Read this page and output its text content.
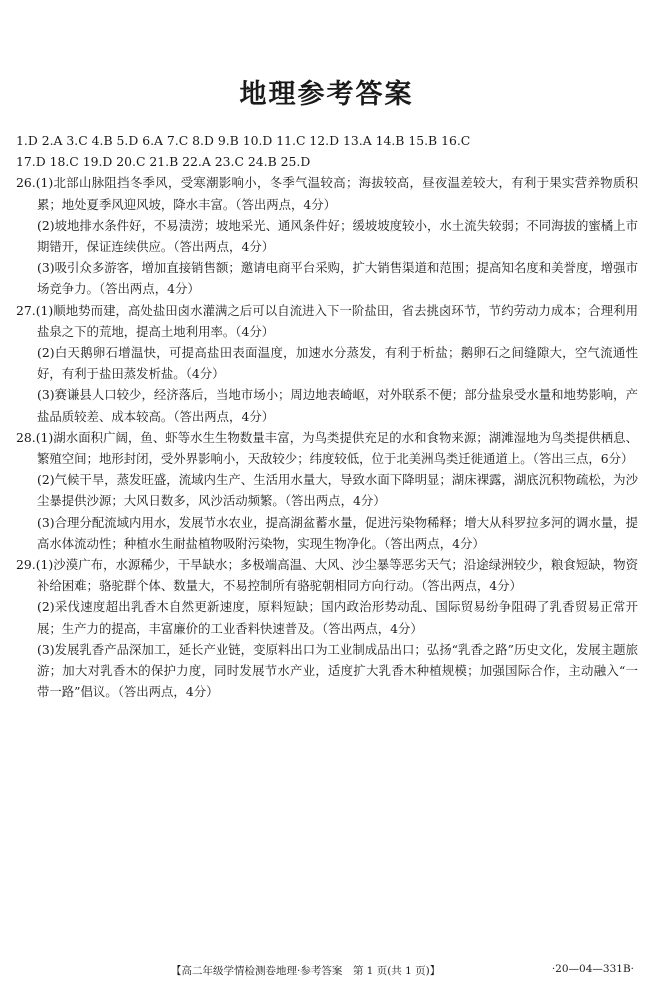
地理参考答案

1.D 2.A 3.C 4.B 5.D 6.A 7.C 8.D 9.B 10.D 11.C 12.D 13.A 14.B 15.B 16.C

17.D 18.C 19.D 20.C 21.B 22.A 23.C 24.B 25.D

26.(1)北部山脉阻挡冬季风，受寒潮影响小，冬季气温较高；海拔较高，昼夜温差较大，有利于果实营养物质积累；地处夏季风迎风坡，降水丰富。（答出两点，4分）

(2)坡地排水条件好，不易渍涝；坡地采光、通风条件好；缓坡坡度较小，水土流失较弱；不同海拔的蜜橘上市期错开，保证连续供应。（答出两点，4分）

(3)吸引众多游客，增加直接销售额；邀请电商平台采购，扩大销售渠道和范围；提高知名度和美誉度，增强市场竞争力。（答出两点，4分）

27.(1)顺地势而建，高处盐田卤水灌满之后可以自流进入下一阶盐田，省去挑卤环节，节约劳动力成本；合理利用盐泉之下的荒地，提高土地利用率。（4分）

(2)白天鹅卵石增温快，可提高盐田表面温度，加速水分蒸发，有利于析盐；鹅卵石之间缝隙大，空气流通性好，有利于盐田蒸发析盐。（4分）

(3)赛谦县人口较少，经济落后，当地市场小；周边地表崎岖，对外联系不便；部分盐泉受水量和地势影响，产盐品质较差、成本较高。（答出两点，4分）

28.(1)湖水面积广阔，鱼、虾等水生生物数量丰富，为鸟类提供充足的水和食物来源；湖滩湿地为鸟类提供栖息、繁殖空间；地形封闭，受外界影响小，天敌较少；纬度较低，位于北美洲鸟类迁徙通道上。（答出三点，6分）

(2)气候干旱，蒸发旺盛，流域内生产、生活用水量大，导致水面下降明显；湖床裸露，湖底沉积物疏松，为沙尘暴提供沙源；大风日数多，风沙活动频繁。（答出两点，4分）

(3)合理分配流域内用水，发展节水农业，提高湖盆蓄水量，促进污染物稀释；增大从科罗拉多河的调水量，提高水体流动性；种植水生耐盐植物吸附污染物，实现生物净化。（答出两点，4分）

29.(1)沙漠广布，水源稀少，干旱缺水；多极端高温、大风、沙尘暴等恶劣天气；沿途绿洲较少，粮食短缺，物资补给困难；骆驼群个体、数量大，不易控制所有骆驼朝相同方向行动。（答出两点，4分）

(2)采伐速度超出乳香木自然更新速度，原料短缺；国内政治形势动乱、国际贸易纷争阻碍了乳香贸易正常开展；生产力的提高，丰富廉价的工业香料快速普及。（答出两点，4分）

(3)发展乳香产品深加工，延长产业链，变原料出口为工业制成品出口；弘扬“乳香之路”历史文化，发展主题旅游；加大对乳香木的保护力度，同时发展节水产业，适度扩大乳香木种植规模；加强国际合作，主动融入“一带一路”倡议。（答出两点，4分）

【高二年级学情检测卷地理·参考答案　第 1 页(共 1 页)】	·20—04—331B·
